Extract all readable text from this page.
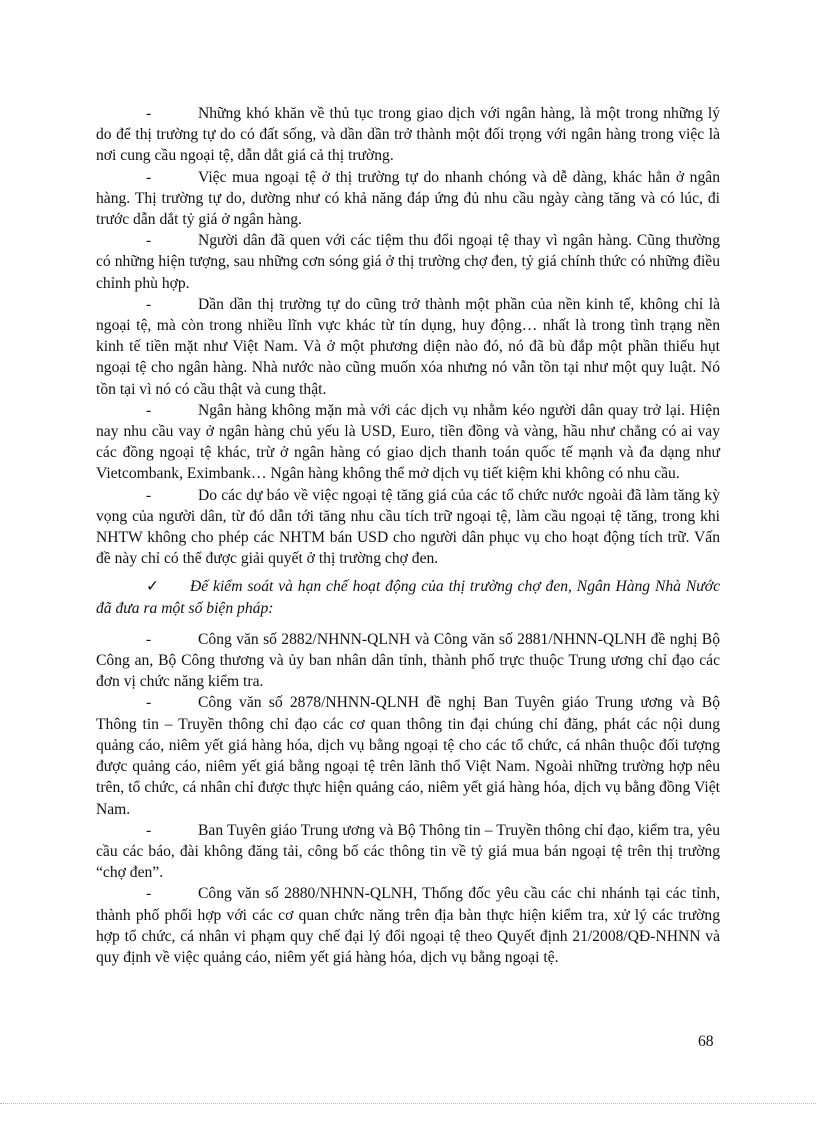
-	Những khó khăn về thủ tục trong giao dịch với ngân hàng, là một trong những lý do để thị trường tự do có đất sống, và dần dần trở thành một đối trọng với ngân hàng trong việc là nơi cung cầu ngoại tệ, dẫn dắt giá cả thị trường.

-	Việc mua ngoại tệ ở thị trường tự do nhanh chóng và dễ dàng, khác hẳn ở ngân hàng. Thị trường tự do, dường như có khả năng đáp ứng đủ nhu cầu ngày càng tăng và có lúc, đi trước dẫn dắt tỷ giá ở ngân hàng.

-	Người dân đã quen với các tiệm thu đổi ngoại tệ thay vì ngân hàng. Cũng thường có những hiện tượng, sau những cơn sóng giá ở thị trường chợ đen, tỷ giá chính thức có những điều chỉnh phù hợp.

-	Dần dần thị trường tự do cũng trở thành một phần của nền kinh tế, không chỉ là ngoại tệ, mà còn trong nhiều lĩnh vực khác từ tín dụng, huy động… nhất là trong tình trạng nền kinh tế tiền mặt như Việt Nam. Và ở một phương diện nào đó, nó đã bù đắp một phần thiếu hụt ngoại tệ cho ngân hàng. Nhà nước nào cũng muốn xóa nhưng nó vẫn tồn tại như một quy luật. Nó tồn tại vì nó có cầu thật và cung thật.

-	Ngân hàng không mặn mà với các dịch vụ nhằm kéo người dân quay trở lại. Hiện nay nhu cầu vay ở ngân hàng chủ yếu là USD, Euro, tiền đồng và vàng, hầu như chẳng có ai vay các đồng ngoại tệ khác, trừ ở ngân hàng có giao dịch thanh toán quốc tế mạnh và đa dạng như Vietcombank, Eximbank… Ngân hàng không thể mở dịch vụ tiết kiệm khi không có nhu cầu.

-	Do các dự báo về việc ngoại tệ tăng giá của các tổ chức nước ngoài đã làm tăng kỳ vọng của người dân, từ đó dẫn tới tăng nhu cầu tích trữ ngoại tệ, làm cầu ngoại tệ tăng, trong khi NHTW không cho phép các NHTM bán USD cho người dân phục vụ cho hoạt động tích trữ. Vấn đề này chỉ có thể được giải quyết ở thị trường chợ đen.

✓ Để kiểm soát và hạn chế hoạt động của thị trường chợ đen, Ngân Hàng Nhà Nước đã đưa ra một số biện pháp:

-	Công văn số 2882/NHNN-QLNH và Công văn số 2881/NHNN-QLNH đề nghị Bộ Công an, Bộ Công thương và ủy ban nhân dân tỉnh, thành phố trực thuộc Trung ương chỉ đạo các đơn vị chức năng kiểm tra.

-	Công văn số 2878/NHNN-QLNH đề nghị Ban Tuyên giáo Trung ương và Bộ Thông tin – Truyền thông chỉ đạo các cơ quan thông tin đại chúng chỉ đăng, phát các nội dung quảng cáo, niêm yết giá hàng hóa, dịch vụ bằng ngoại tệ cho các tổ chức, cá nhân thuộc đối tượng được quảng cáo, niêm yết giá bằng ngoại tệ trên lãnh thổ Việt Nam. Ngoài những trường hợp nêu trên, tổ chức, cá nhân chỉ được thực hiện quảng cáo, niêm yết giá hàng hóa, dịch vụ bằng đồng Việt Nam.

-	Ban Tuyên giáo Trung ương và Bộ Thông tin – Truyền thông chỉ đạo, kiểm tra, yêu cầu các báo, đài không đăng tải, công bố các thông tin về tỷ giá mua bán ngoại tệ trên thị trường “chợ đen”.

-	Công văn số 2880/NHNN-QLNH, Thống đốc yêu cầu các chi nhánh tại các tỉnh, thành phố phối hợp với các cơ quan chức năng trên địa bàn thực hiện kiểm tra, xử lý các trường hợp tổ chức, cá nhân vi phạm quy chế đại lý đổi ngoại tệ theo Quyết định 21/2008/QĐ-NHNN và quy định về việc quảng cáo, niêm yết giá hàng hóa, dịch vụ bằng ngoại tệ.

68
